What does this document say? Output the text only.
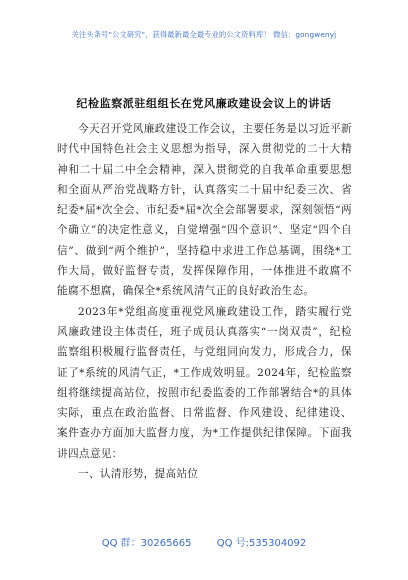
关注头条号"公文研究"，获得最新最全最专业的公文资料库！ 微信：gongwenyj
纪检监察派驻组组长在党风廉政建设会议上的讲话

今天召开党风廉政建设工作会议，主要任务是以习近平新时代中国特色社会主义思想为指导，深入贯彻党的二十大精神和二十届二中全会精神，深入贯彻党的自我革命重要思想和全面从严治党战略方针，认真落实二十届中纪委三次、省纪委*届*次全会、市纪委*届*次全会部署要求，深刻领悟“两个确立”的决定性意义，自觉增强“四个意识”、坚定“四个自信”、做到“两个维护”，坚持稳中求进工作总基调，围绕*工作大局，做好监督专责，发挥保障作用，一体推进不敢腐不能腐不想腐，确保全*系统风清气正的良好政治生态。

2023年*党组高度重视党风廉政建设工作，踏实履行党风廉政建设主体责任，班子成员认真落实“一岗双责”，纪检监察组积极履行监督责任，与党组同向发力，形成合力，保证了*系统的风清气正，*工作成效明显。2024年，纪检监察组将继续提高站位，按照市纪委监委的工作部署结合*的具体实际，重点在政治监督、日常监督、作风建设、纪律建设、案件查办方面加大监督力度，为*工作提供纪律保障。下面我讲四点意见：

一、认清形势，提高站位

QQ 群：30265665	QQ 号:535304092
